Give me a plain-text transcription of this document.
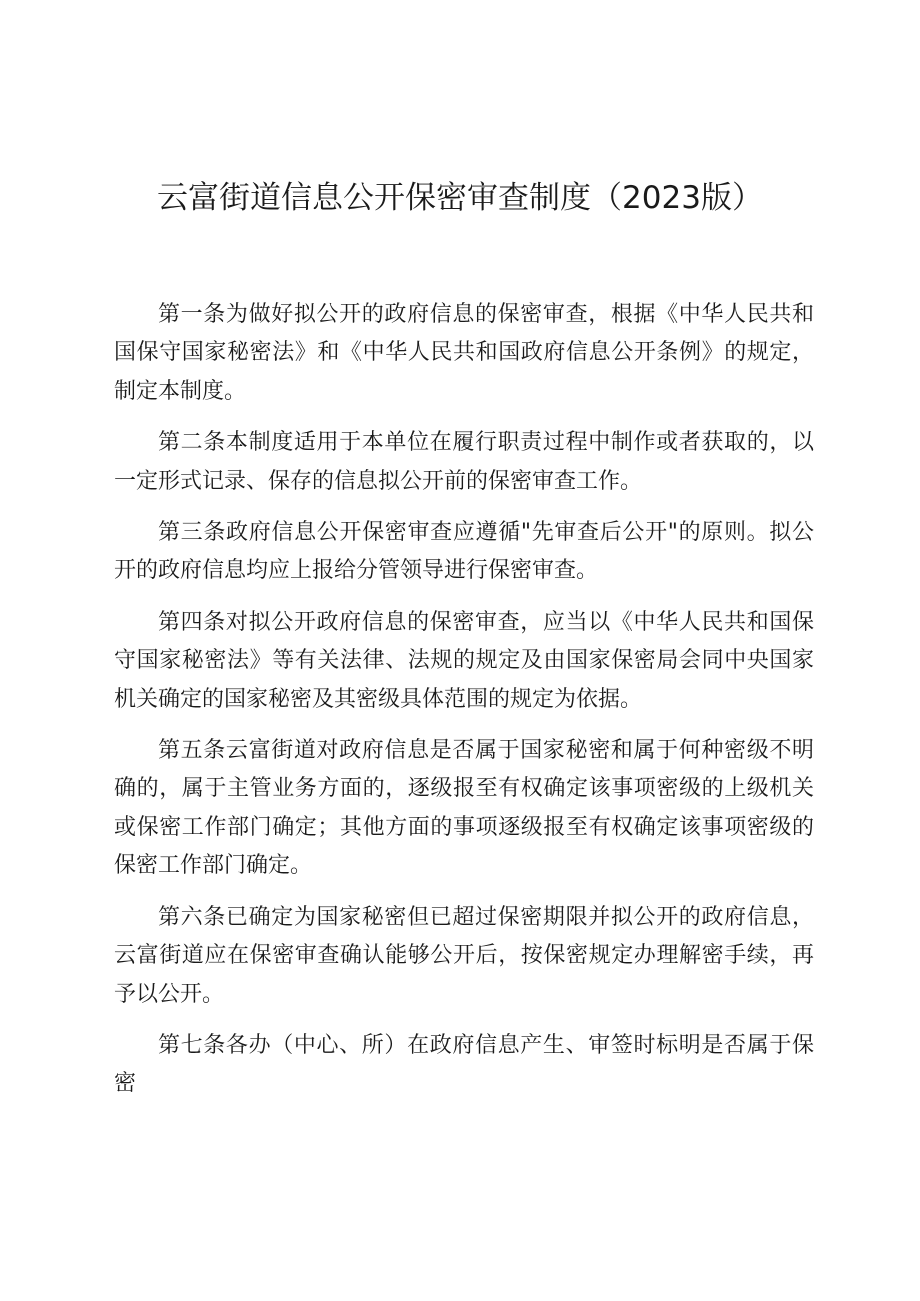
云富街道信息公开保密审查制度（2023版）

第一条为做好拟公开的政府信息的保密审查，根据《中华人民共和国保守国家秘密法》和《中华人民共和国政府信息公开条例》的规定，制定本制度。

第二条本制度适用于本单位在履行职责过程中制作或者获取的，以一定形式记录、保存的信息拟公开前的保密审查工作。

第三条政府信息公开保密审查应遵循"先审查后公开"的原则。拟公开的政府信息均应上报给分管领导进行保密审查。

第四条对拟公开政府信息的保密审查，应当以《中华人民共和国保守国家秘密法》等有关法律、法规的规定及由国家保密局会同中央国家机关确定的国家秘密及其密级具体范围的规定为依据。

第五条云富街道对政府信息是否属于国家秘密和属于何种密级不明确的，属于主管业务方面的，逐级报至有权确定该事项密级的上级机关或保密工作部门确定；其他方面的事项逐级报至有权确定该事项密级的保密工作部门确定。

第六条已确定为国家秘密但已超过保密期限并拟公开的政府信息，云富街道应在保密审查确认能够公开后，按保密规定办理解密手续，再予以公开。

第七条各办（中心、所）在政府信息产生、审签时标明是否属于保密
